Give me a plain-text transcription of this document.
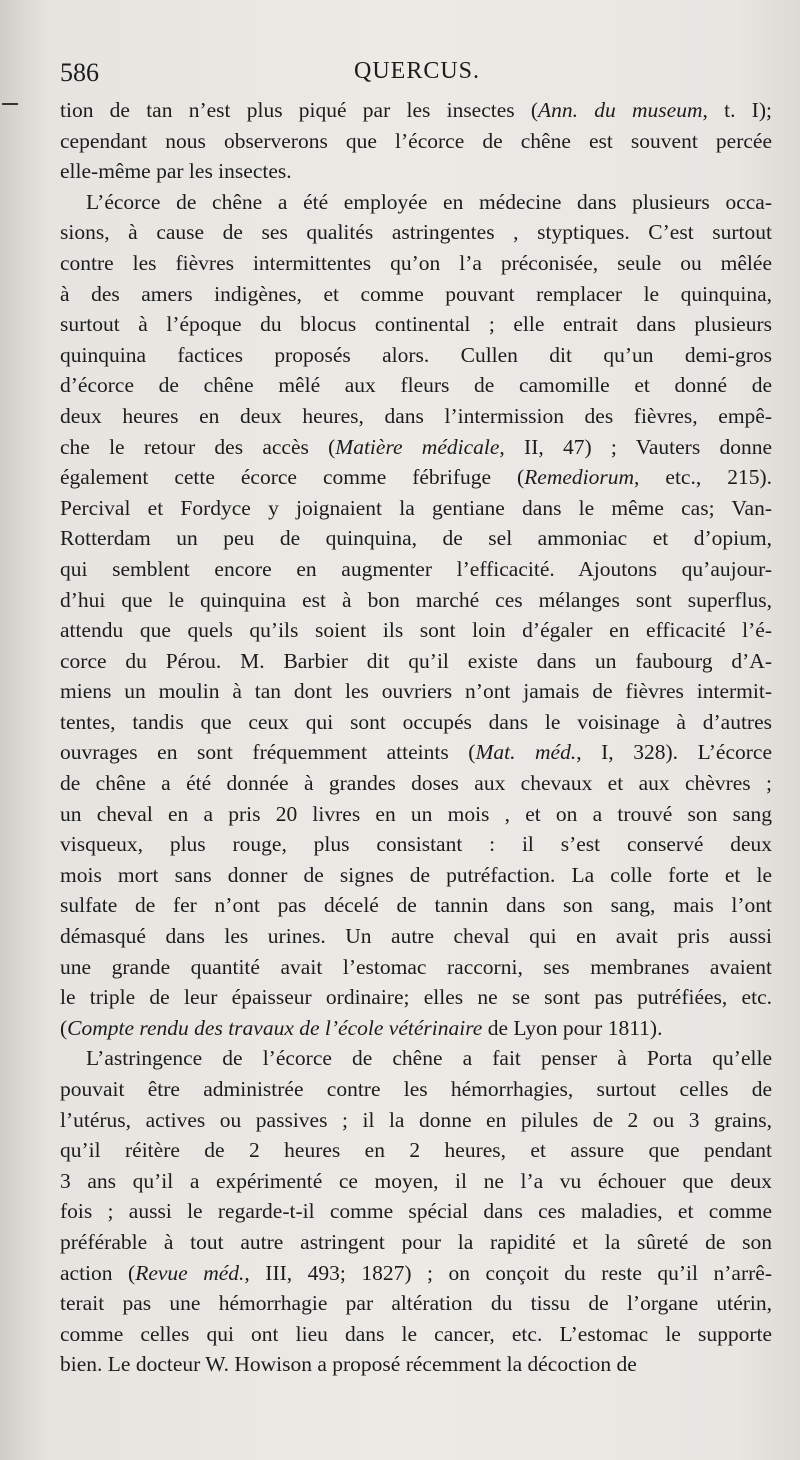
586	QUERCUS.
tion de tan n’est plus piqué par les insectes (Ann. du museum, t. I);
cependant nous observerons que l’écorce de chêne est souvent percée
elle-même par les insectes.
L’écorce de chêne a été employée en médecine dans plusieurs occa-
sions, à cause de ses qualités astringentes , styptiques. C’est surtout
contre les fièvres intermittentes qu’on l’a préconisée, seule ou mêlée
à des amers indigènes, et comme pouvant remplacer le quinquina,
surtout à l’époque du blocus continental ; elle entrait dans plusieurs
quinquina factices proposés alors. Cullen dit qu’un demi-gros
d’écorce de chêne mêlé aux fleurs de camomille et donné de
deux heures en deux heures, dans l’intermission des fièvres, empê-
che le retour des accès (Matière médicale, II, 47) ; Vauters donne
également cette écorce comme fébrifuge (Remediorum, etc., 215).
Percival et Fordyce y joignaient la gentiane dans le même cas; Van-
Rotterdam un peu de quinquina, de sel ammoniac et d’opium,
qui semblent encore en augmenter l’efficacité. Ajoutons qu’aujour-
d’hui que le quinquina est à bon marché ces mélanges sont superflus,
attendu que quels qu’ils soient ils sont loin d’égaler en efficacité l’é-
corce du Pérou. M. Barbier dit qu’il existe dans un faubourg d’A-
miens un moulin à tan dont les ouvriers n’ont jamais de fièvres intermit-
tentes, tandis que ceux qui sont occupés dans le voisinage à d’autres
ouvrages en sont fréquemment atteints (Mat. méd., I, 328). L’écorce
de chêne a été donnée à grandes doses aux chevaux et aux chèvres ;
un cheval en a pris 20 livres en un mois , et on a trouvé son sang
visqueux, plus rouge, plus consistant : il s’est conservé deux
mois mort sans donner de signes de putréfaction. La colle forte et le
sulfate de fer n’ont pas décelé de tannin dans son sang, mais l’ont
démasqué dans les urines. Un autre cheval qui en avait pris aussi
une grande quantité avait l’estomac raccorni, ses membranes avaient
le triple de leur épaisseur ordinaire; elles ne se sont pas putréfiées, etc.
(Compte rendu des travaux de l’école vétérinaire de Lyon pour 1811).
L’astringence de l’écorce de chêne a fait penser à Porta qu’elle
pouvait être administrée contre les hémorrhagies, surtout celles de
l’utérus, actives ou passives ; il la donne en pilules de 2 ou 3 grains,
qu’il réitère de 2 heures en 2 heures, et assure que pendant
3 ans qu’il a expérimenté ce moyen, il ne l’a vu échouer que deux
fois ; aussi le regarde-t-il comme spécial dans ces maladies, et comme
préférable à tout autre astringent pour la rapidité et la sûreté de son
action (Revue méd., III, 493; 1827) ; on conçoit du reste qu’il n’arrê-
terait pas une hémorrhagie par altération du tissu de l’organe utérin,
comme celles qui ont lieu dans le cancer, etc. L’estomac le supporte
bien. Le docteur W. Howison a proposé récemment la décoction de
